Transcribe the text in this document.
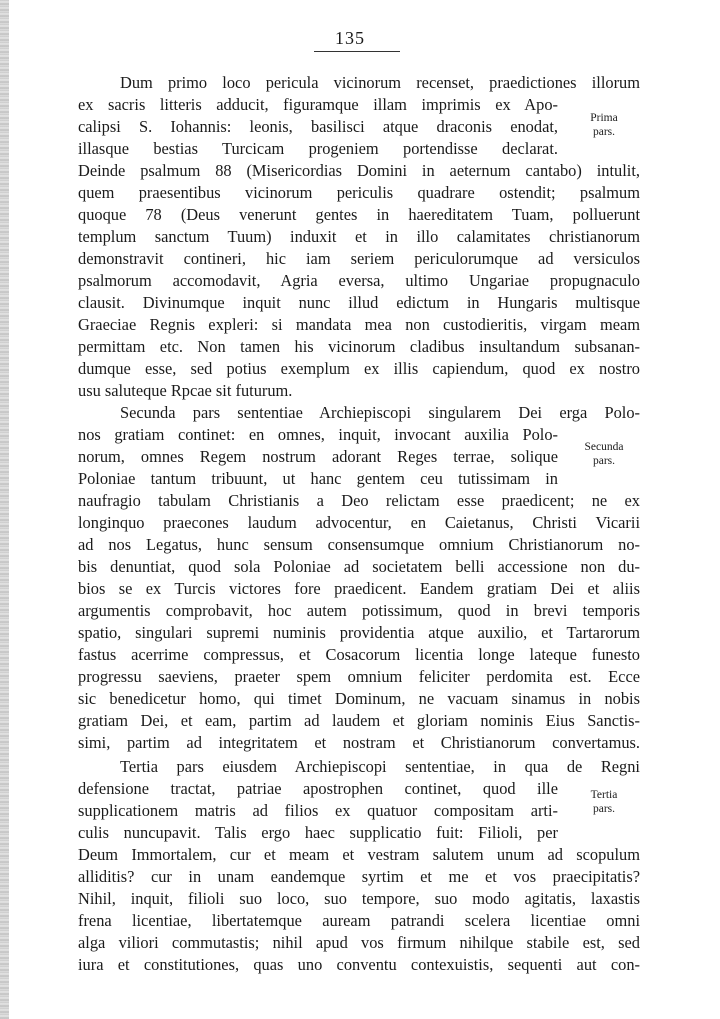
135
Dum primo loco pericula vicinorum recenset, praedictiones illorum
ex sacris litteris adducit, figuramque illam imprimis ex Apo-
calipsi S. Iohannis: leonis, basilisci atque draconis enodat,
illasque bestias Turcicam progeniem portendisse declarat.
Deinde psalmum 88 (Misericordias Domini in aeternum cantabo) intulit,
quem praesentibus vicinorum periculis quadrare ostendit; psalmum
quoque 78 (Deus venerunt gentes in haereditatem Tuam, polluerunt
templum sanctum Tuum) induxit et in illo calamitates christianorum
demonstravit contineri, hic iam seriem periculorumque ad versiculos
psalmorum accomodavit, Agria eversa, ultimo Ungariae propugnaculo
clausit. Divinumque inquit nunc illud edictum in Hungaris multisque
Graeciae Regnis expleri: si mandata mea non custodieritis, virgam meam
permittam etc. Non tamen his vicinorum cladibus insultandum subsanan-
dumque esse, sed potius exemplum ex illis capiendum, quod ex nostro
usu saluteque Rpcae sit futurum.
Secunda pars sententiae Archiepiscopi singularem Dei erga Polo-
nos gratiam continet: en omnes, inquit, invocant auxilia Polo-
norum, omnes Regem nostrum adorant Reges terrae, solique
Poloniae tantum tribuunt, ut hanc gentem ceu tutissimam in
naufragio tabulam Christianis a Deo relictam esse praedicent; ne ex
longinquo praecones laudum advocentur, en Caietanus, Christi Vicarii
ad nos Legatus, hunc sensum consensumque omnium Christianorum no-
bis denuntiat, quod sola Poloniae ad societatem belli accessione non du-
bios se ex Turcis victores fore praedicent. Eandem gratiam Dei et aliis
argumentis comprobavit, hoc autem potissimum, quod in brevi temporis
spatio, singulari supremi numinis providentia atque auxilio, et Tartarorum
fastus acerrime compressus, et Cosacorum licentia longe lateque funesto
progressu saeviens, praeter spem omnium feliciter perdomita est. Ecce
sic benedicetur homo, qui timet Dominum, ne vacuam sinamus in nobis
gratiam Dei, et eam, partim ad laudem et gloriam nominis Eius Sanctis-
simi, partim ad integritatem et nostram et Christianorum convertamus.
Tertia pars eiusdem Archiepiscopi sententiae, in qua de Regni
defensione tractat, patriae apostrophen continet, quod ille
supplicationem matris ad filios ex quatuor compositam arti-
culis nuncupavit. Talis ergo haec supplicatio fuit: Filioli, per
Deum Immortalem, cur et meam et vestram salutem unum ad scopulum
alliditis? cur in unam eandemque syrtim et me et vos praecipitatis?
Nihil, inquit, filioli suo loco, suo tempore, suo modo agitatis, laxastis
frena licentiae, libertatemque auream patrandi scelera licentiae omni
alga viliori commutastis; nihil apud vos firmum nihilque stabile est, sed
iura et constitutiones, quas uno conventu contexuistis, sequenti aut con-
Prima
pars.
Secunda
pars.
Tertia
pars.
